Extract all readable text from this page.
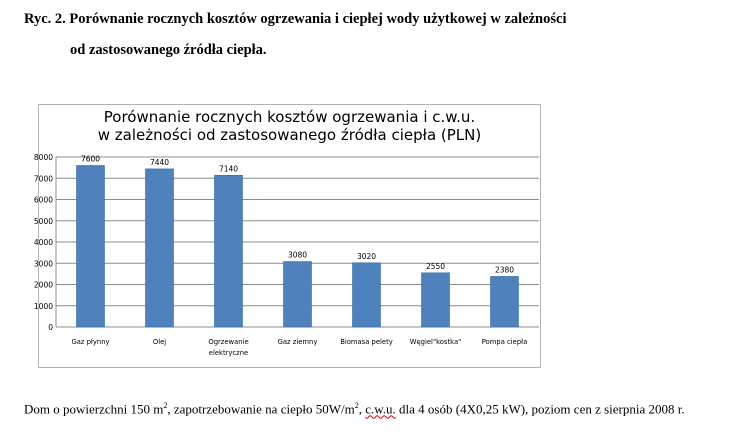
Ryc. 2. Porównanie rocznych kosztów ogrzewania i ciepłej wody użytkowej w zależności
od zastosowanego źródła ciepła.
Porównanie rocznych kosztów ogrzewania i c.w.u.
w zależności od zastosowanego źródła ciepła (PLN)
0
1000
2000
3000
4000
5000
6000
7000
8000	7600
Gaz płynny
7440
Olej
7140
Ogrzewanie
elektryczne
3080
Gaz ziemny
3020
Biomasa pelety
2550
Węgiel"kostka"
2380
Pompa ciepła
Dom o powierzchni 150 $m^2$, zapotrzebowanie na ciepło $50W/m^2$, c.w.u. dla 4 osób (4X0,25 kW), poziom cen z sierpnia 2008 r.
